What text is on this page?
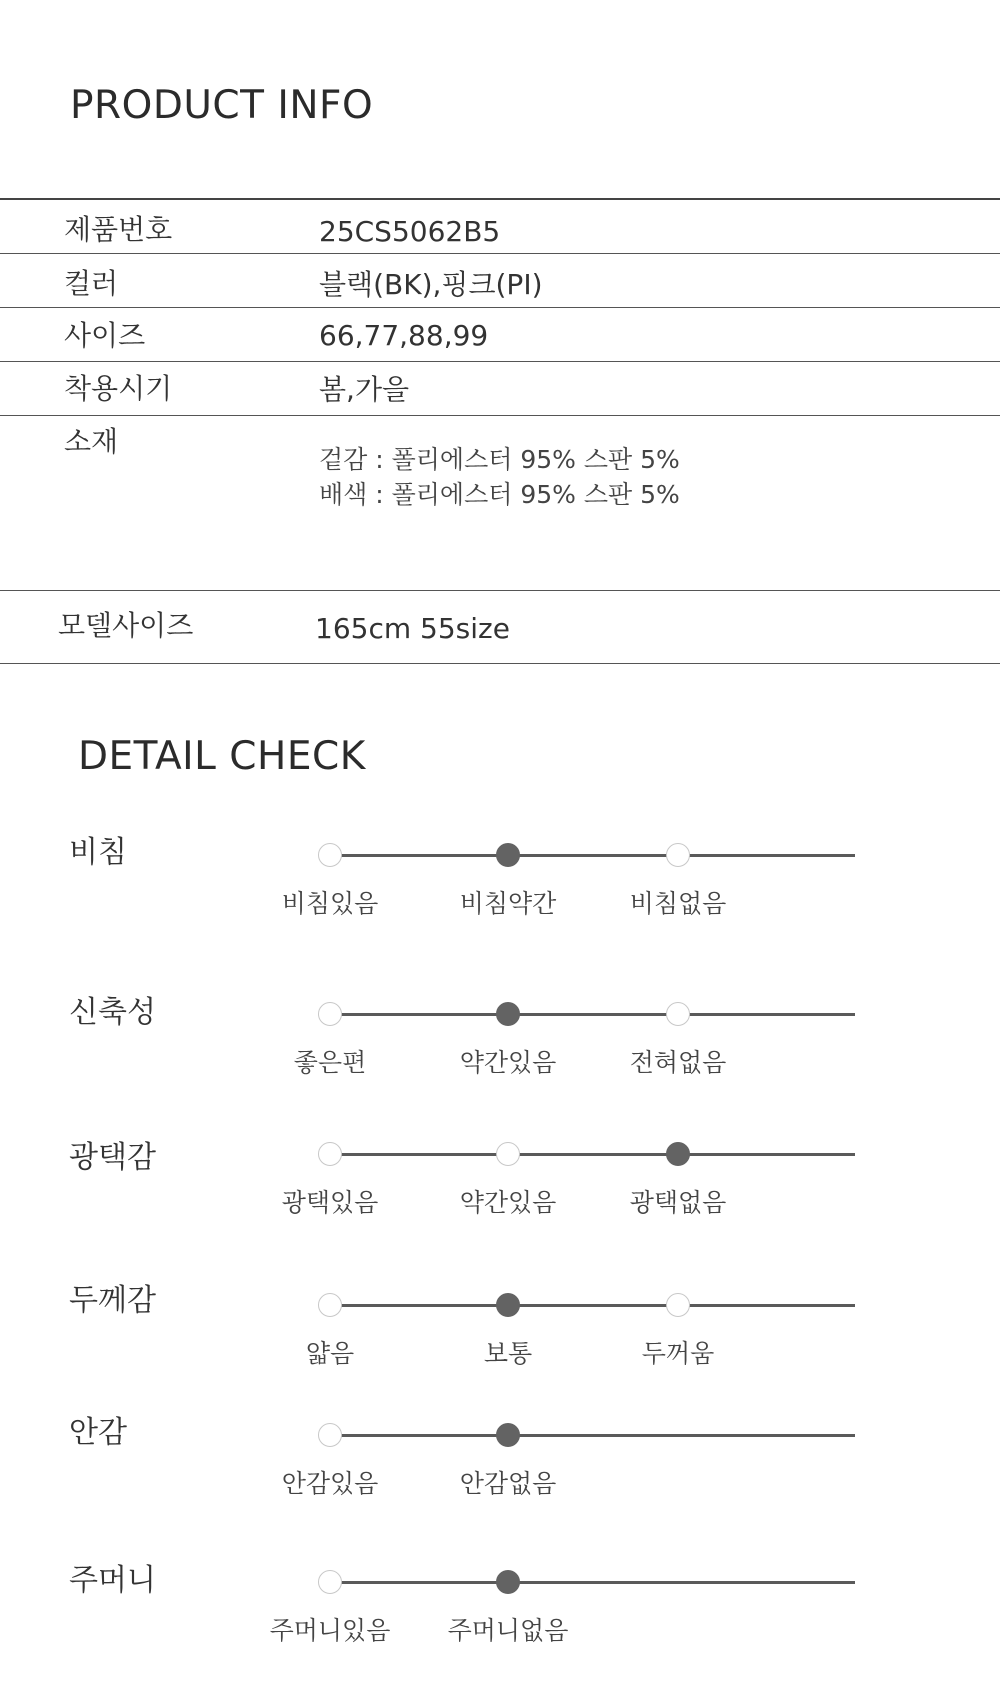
PRODUCT INFO
제품번호	25CS5062B5
컬러	블랙(BK),핑크(PI)
사이즈	66,77,88,99
착용시기	봄,가을
소재
겉감 : 폴리에스터 95% 스판 5%
배색 : 폴리에스터 95% 스판 5%
모델사이즈	165cm 55size
DETAIL CHECK
비침
비침있음	비침약간	비침없음
신축성
좋은편	약간있음	전혀없음
광택감
광택있음	약간있음	광택없음
두께감
얇음	보통	두꺼움
안감
안감있음	안감없음
주머니
주머니있음	주머니없음
